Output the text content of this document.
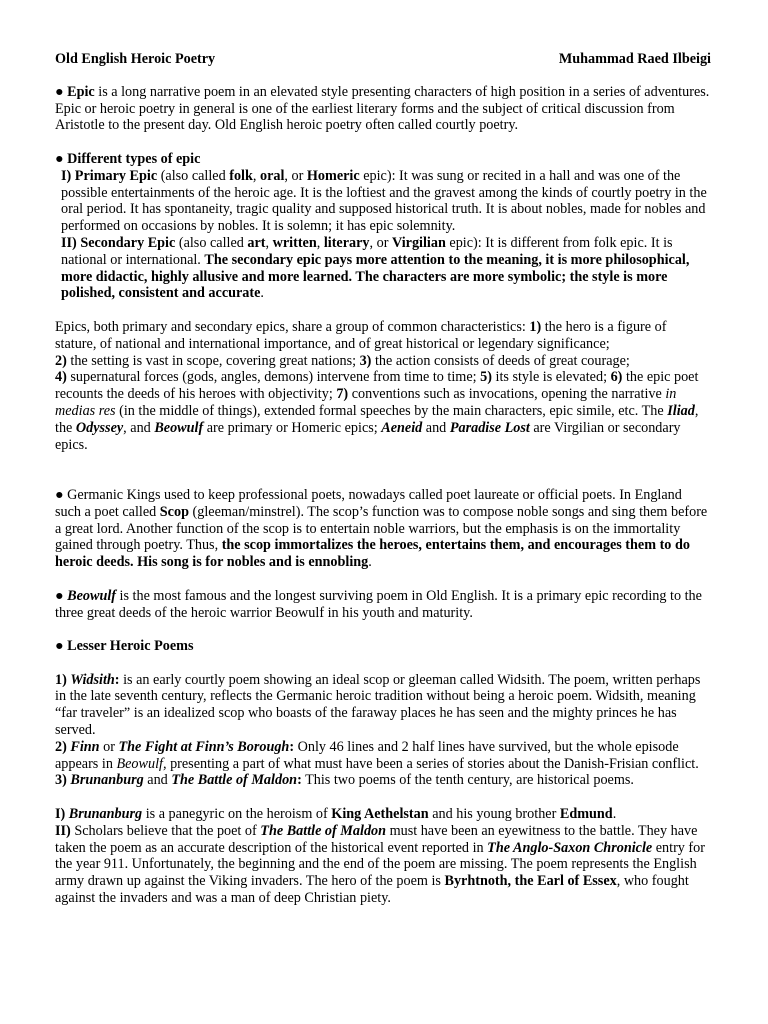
Old English Heroic Poetry	Muhammad Raed Ilbeigi

● Epic is a long narrative poem in an elevated style presenting characters of high position in a series of adventures. Epic or heroic poetry in general is one of the earliest literary forms and the subject of critical discussion from Aristotle to the present day. Old English heroic poetry often called courtly poetry.

● Different types of epic

I) Primary Epic (also called folk, oral, or Homeric epic): It was sung or recited in a hall and was one of the possible entertainments of the heroic age. It is the loftiest and the gravest among the kinds of courtly poetry in the oral period. It has spontaneity, tragic quality and supposed historical truth. It is about nobles, made for nobles and performed on occasions by nobles. It is solemn; it has epic solemnity.

II) Secondary Epic (also called art, written, literary, or Virgilian epic): It is different from folk epic. It is national or international. The secondary epic pays more attention to the meaning, it is more philosophical, more didactic, highly allusive and more learned. The characters are more symbolic; the style is more polished, consistent and accurate.

Epics, both primary and secondary epics, share a group of common characteristics: 1) the hero is a figure of stature, of national and international importance, and of great historical or legendary significance;
2) the setting is vast in scope, covering great nations; 3) the action consists of deeds of great courage;
4) supernatural forces (gods, angles, demons) intervene from time to time; 5) its style is elevated; 6) the epic poet recounts the deeds of his heroes with objectivity; 7) conventions such as invocations, opening the narrative in medias res (in the middle of things), extended formal speeches by the main characters, epic simile, etc. The Iliad, the Odyssey, and Beowulf are primary or Homeric epics; Aeneid and Paradise Lost are Virgilian or secondary epics.

● Germanic Kings used to keep professional poets, nowadays called poet laureate or official poets. In England such a poet called Scop (gleeman/minstrel). The scop’s function was to compose noble songs and sing them before a great lord. Another function of the scop is to entertain noble warriors, but the emphasis is on the immortality gained through poetry. Thus, the scop immortalizes the heroes, entertains them, and encourages them to do heroic deeds. His song is for nobles and is ennobling.

● Beowulf is the most famous and the longest surviving poem in Old English. It is a primary epic recording to the three great deeds of the heroic warrior Beowulf in his youth and maturity.

● Lesser Heroic Poems

1) Widsith: is an early courtly poem showing an ideal scop or gleeman called Widsith. The poem, written perhaps in the late seventh century, reflects the Germanic heroic tradition without being a heroic poem. Widsith, meaning “far traveler” is an idealized scop who boasts of the faraway places he has seen and the mighty princes he has served.

2) Finn or The Fight at Finn’s Borough: Only 46 lines and 2 half lines have survived, but the whole episode appears in Beowulf, presenting a part of what must have been a series of stories about the Danish-Frisian conflict.

3) Brunanburg and The Battle of Maldon: This two poems of the tenth century, are historical poems.

I) Brunanburg is a panegyric on the heroism of King Aethelstan and his young brother Edmund.
II) Scholars believe that the poet of The Battle of Maldon must have been an eyewitness to the battle. They have taken the poem as an accurate description of the historical event reported in The Anglo-Saxon Chronicle entry for the year 911. Unfortunately, the beginning and the end of the poem are missing. The poem represents the English army drawn up against the Viking invaders. The hero of the poem is Byrhtnoth, the Earl of Essex, who fought against the invaders and was a man of deep Christian piety.
